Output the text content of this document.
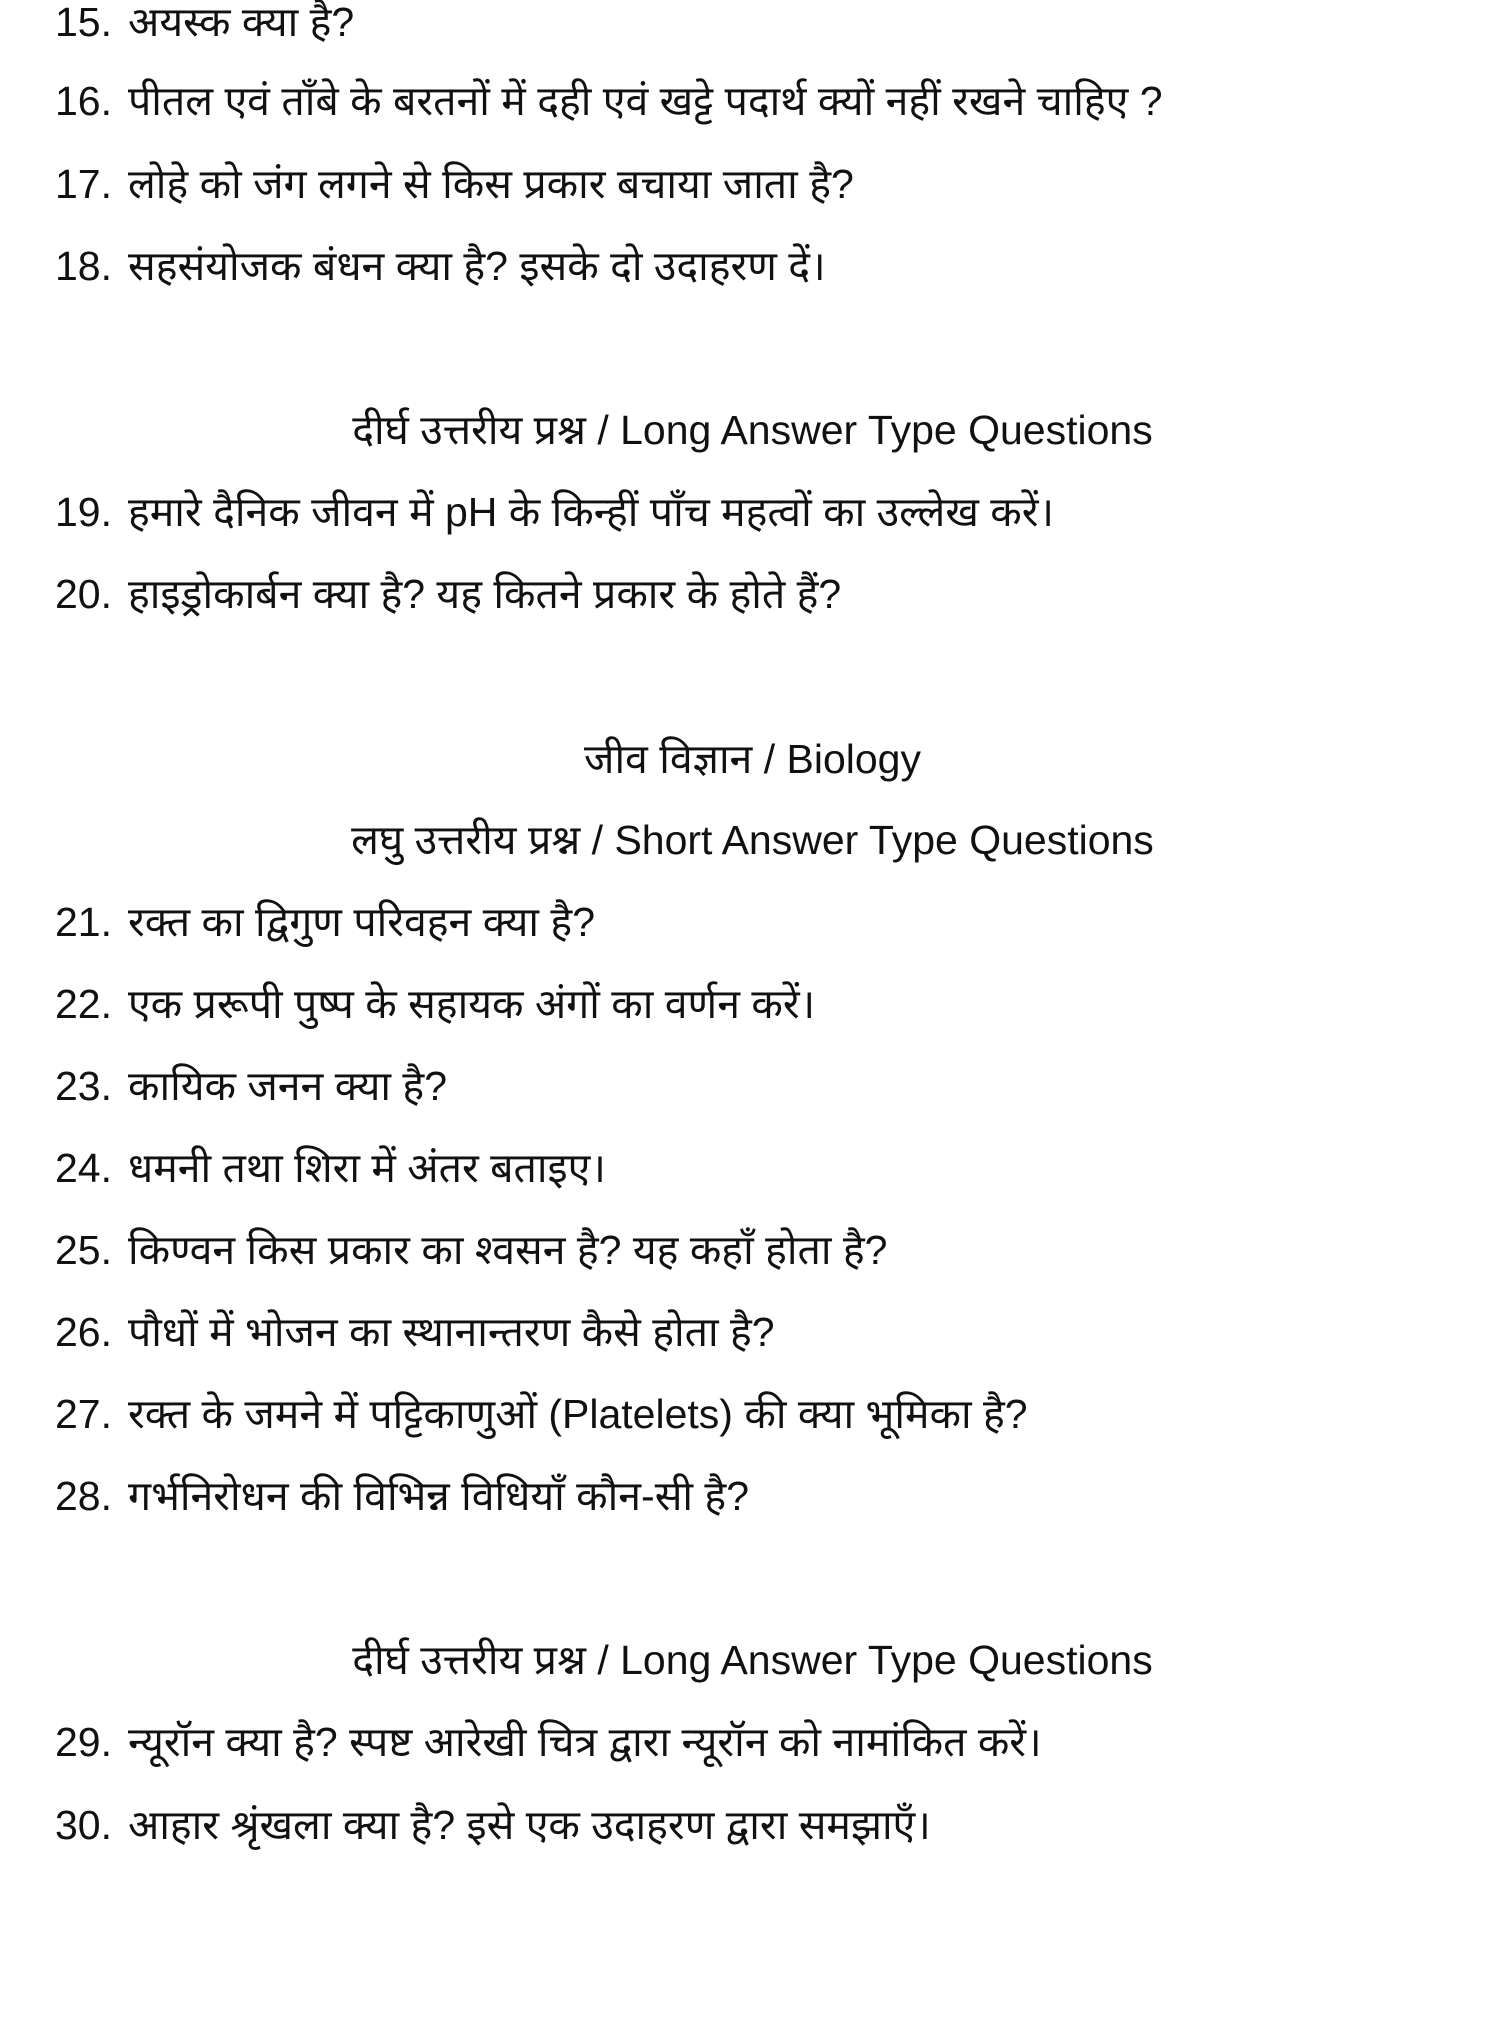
15. अयस्क क्या है?
16. पीतल एवं ताँबे के बरतनों में दही एवं खट्टे पदार्थ क्यों नहीं रखने चाहिए ?
17. लोहे को जंग लगने से किस प्रकार बचाया जाता है?
18. सहसंयोजक बंधन क्या है? इसके दो उदाहरण दें।
दीर्घ उत्तरीय प्रश्न / Long Answer Type Questions
19. हमारे दैनिक जीवन में pH के किन्हीं पाँच महत्वों का उल्लेख करें।
20. हाइड्रोकार्बन क्या है? यह कितने प्रकार के होते हैं?
जीव विज्ञान / Biology
लघु उत्तरीय प्रश्न / Short Answer Type Questions
21. रक्त का द्विगुण परिवहन क्या है?
22. एक प्ररूपी पुष्प के सहायक अंगों का वर्णन करें।
23. कायिक जनन क्या है?
24. धमनी तथा शिरा में अंतर बताइए।
25. किण्वन किस प्रकार का श्वसन है? यह कहाँ होता है?
26. पौधों में भोजन का स्थानान्तरण कैसे होता है?
27. रक्त के जमने में पट्टिकाणुओं (Platelets) की क्या भूमिका है?
28. गर्भनिरोधन की विभिन्न विधियाँ कौन-सी है?
दीर्घ उत्तरीय प्रश्न / Long Answer Type Questions
29. न्यूरॉन क्या है? स्पष्ट आरेखी चित्र द्वारा न्यूरॉन को नामांकित करें।
30. आहार श्रृंखला क्या है? इसे एक उदाहरण द्वारा समझाएँ।
